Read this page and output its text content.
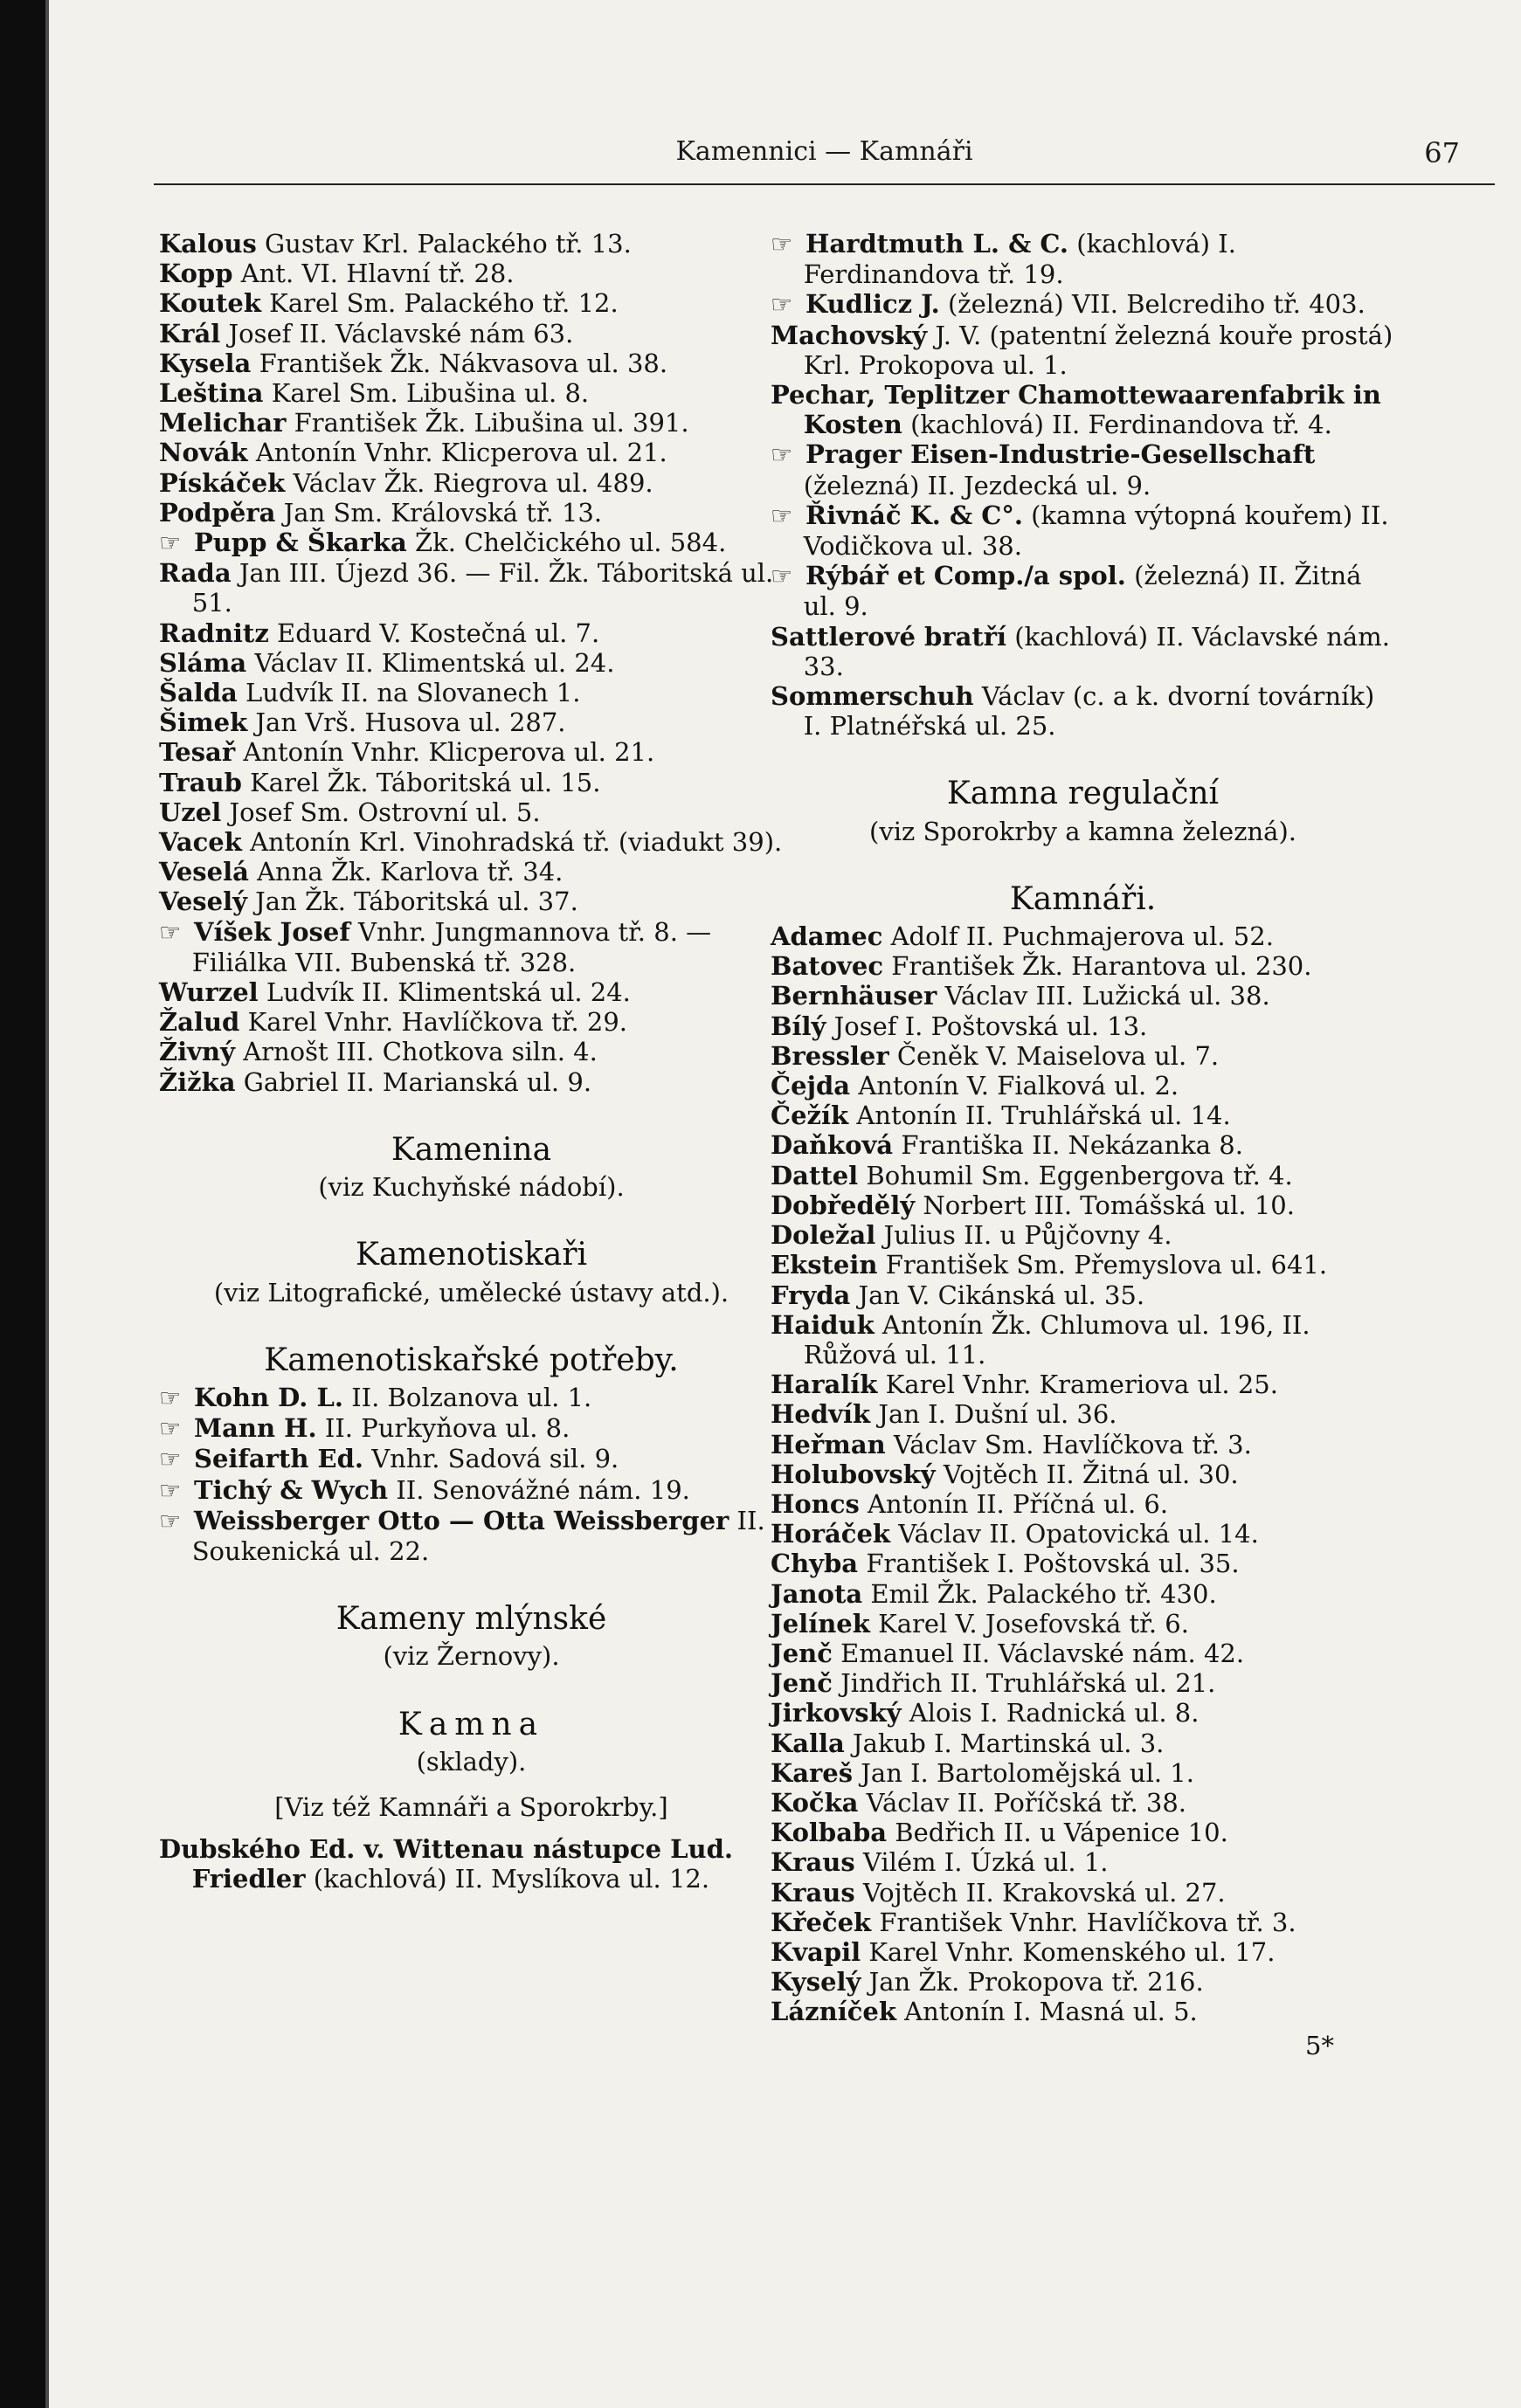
Kamennici — Kamnáři	67

Kalous Gustav Krl. Palackého tř. 13.

Kopp Ant. VI. Hlavní tř. 28.

Koutek Karel Sm. Palackého tř. 12.

Král Josef II. Václavské nám 63.

Kysela František Žk. Nákvasova ul. 38.

Leština Karel Sm. Libušina ul. 8.

Melichar František Žk. Libušina ul. 391.

Novák Antonín Vnhr. Klicperova ul. 21.

Pískáček Václav Žk. Riegrova ul. 489.

Podpěra Jan Sm. Královská tř. 13.

☞ Pupp & Škarka Žk. Chelčického ul. 584.

Rada Jan III. Újezd 36. — Fil. Žk. Táboritská ul. 51.

Radnitz Eduard V. Kostečná ul. 7.

Sláma Václav II. Klimentská ul. 24.

Šalda Ludvík II. na Slovanech 1.

Šimek Jan Vrš. Husova ul. 287.

Tesař Antonín Vnhr. Klicperova ul. 21.

Traub Karel Žk. Táboritská ul. 15.

Uzel Josef Sm. Ostrovní ul. 5.

Vacek Antonín Krl. Vinohradská tř. (viadukt 39).

Veselá Anna Žk. Karlova tř. 34.

Veselý Jan Žk. Táboritská ul. 37.

☞ Víšek Josef Vnhr. Jungmannova tř. 8. — Filiálka VII. Bubenská tř. 328.

Wurzel Ludvík II. Klimentská ul. 24.

Žalud Karel Vnhr. Havlíčkova tř. 29.

Živný Arnošt III. Chotkova siln. 4.

Žižka Gabriel II. Marianská ul. 9.

Kamenina
(viz Kuchyňské nádobí).
Kamenotiskaři
(viz Litografické, umělecké ústavy atd.).
Kamenotiskařské potřeby.

☞ Kohn D. L. II. Bolzanova ul. 1.

☞ Mann H. II. Purkyňova ul. 8.

☞ Seifarth Ed. Vnhr. Sadová sil. 9.

☞ Tichý & Wych II. Senovážné nám. 19.

☞ Weissberger Otto — Otta Weissberger II. Soukenická ul. 22.

Kameny mlýnské
(viz Žernovy).
Kamna
(sklady).
[Viz též Kamnáři a Sporokrby.]

Dubského Ed. v. Wittenau nástupce Lud. Friedler (kachlová) II. Myslíkova ul. 12.

☞ Hardtmuth L. & C. (kachlová) I. Ferdinandova tř. 19.

☞ Kudlicz J. (železná) VII. Belcrediho tř. 403.

Machovský J. V. (patentní železná kouře prostá) Krl. Prokopova ul. 1.

Pechar, Teplitzer Chamottewaarenfabrik in Kosten (kachlová) II. Ferdinandova tř. 4.

☞ Prager Eisen-Industrie-Gesellschaft (železná) II. Jezdecká ul. 9.

☞ Řivnáč K. & C°. (kamna výtopná kouřem) II. Vodičkova ul. 38.

☞ Rýbář et Comp./a spol. (železná) II. Žitná ul. 9.

Sattlerové bratří (kachlová) II. Václavské nám. 33.

Sommerschuh Václav (c. a k. dvorní továrník) I. Platnéřská ul. 25.

Kamna regulační
(viz Sporokrby a kamna železná).
Kamnáři.

Adamec Adolf II. Puchmajerova ul. 52.

Batovec František Žk. Harantova ul. 230.

Bernhäuser Václav III. Lužická ul. 38.

Bílý Josef I. Poštovská ul. 13.

Bressler Čeněk V. Maiselova ul. 7.

Čejda Antonín V. Fialková ul. 2.

Čežík Antonín II. Truhlářská ul. 14.

Daňková Františka II. Nekázanka 8.

Dattel Bohumil Sm. Eggenbergova tř. 4.

Dobředělý Norbert III. Tomášská ul. 10.

Doležal Julius II. u Půjčovny 4.

Ekstein František Sm. Přemyslova ul. 641.

Fryda Jan V. Cikánská ul. 35.

Haiduk Antonín Žk. Chlumova ul. 196, II. Růžová ul. 11.

Haralík Karel Vnhr. Krameriova ul. 25.

Hedvík Jan I. Dušní ul. 36.

Heřman Václav Sm. Havlíčkova tř. 3.

Holubovský Vojtěch II. Žitná ul. 30.

Honcs Antonín II. Příčná ul. 6.

Horáček Václav II. Opatovická ul. 14.

Chyba František I. Poštovská ul. 35.

Janota Emil Žk. Palackého tř. 430.

Jelínek Karel V. Josefovská tř. 6.

Jenč Emanuel II. Václavské nám. 42.

Jenč Jindřich II. Truhlářská ul. 21.

Jirkovský Alois I. Radnická ul. 8.

Kalla Jakub I. Martinská ul. 3.

Kareš Jan I. Bartolomějská ul. 1.

Kočka Václav II. Poříčská tř. 38.

Kolbaba Bedřich II. u Vápenice 10.

Kraus Vilém I. Úzká ul. 1.

Kraus Vojtěch II. Krakovská ul. 27.

Křeček František Vnhr. Havlíčkova tř. 3.

Kvapil Karel Vnhr. Komenského ul. 17.

Kyselý Jan Žk. Prokopova tř. 216.

Lázníček Antonín I. Masná ul. 5.

5*
